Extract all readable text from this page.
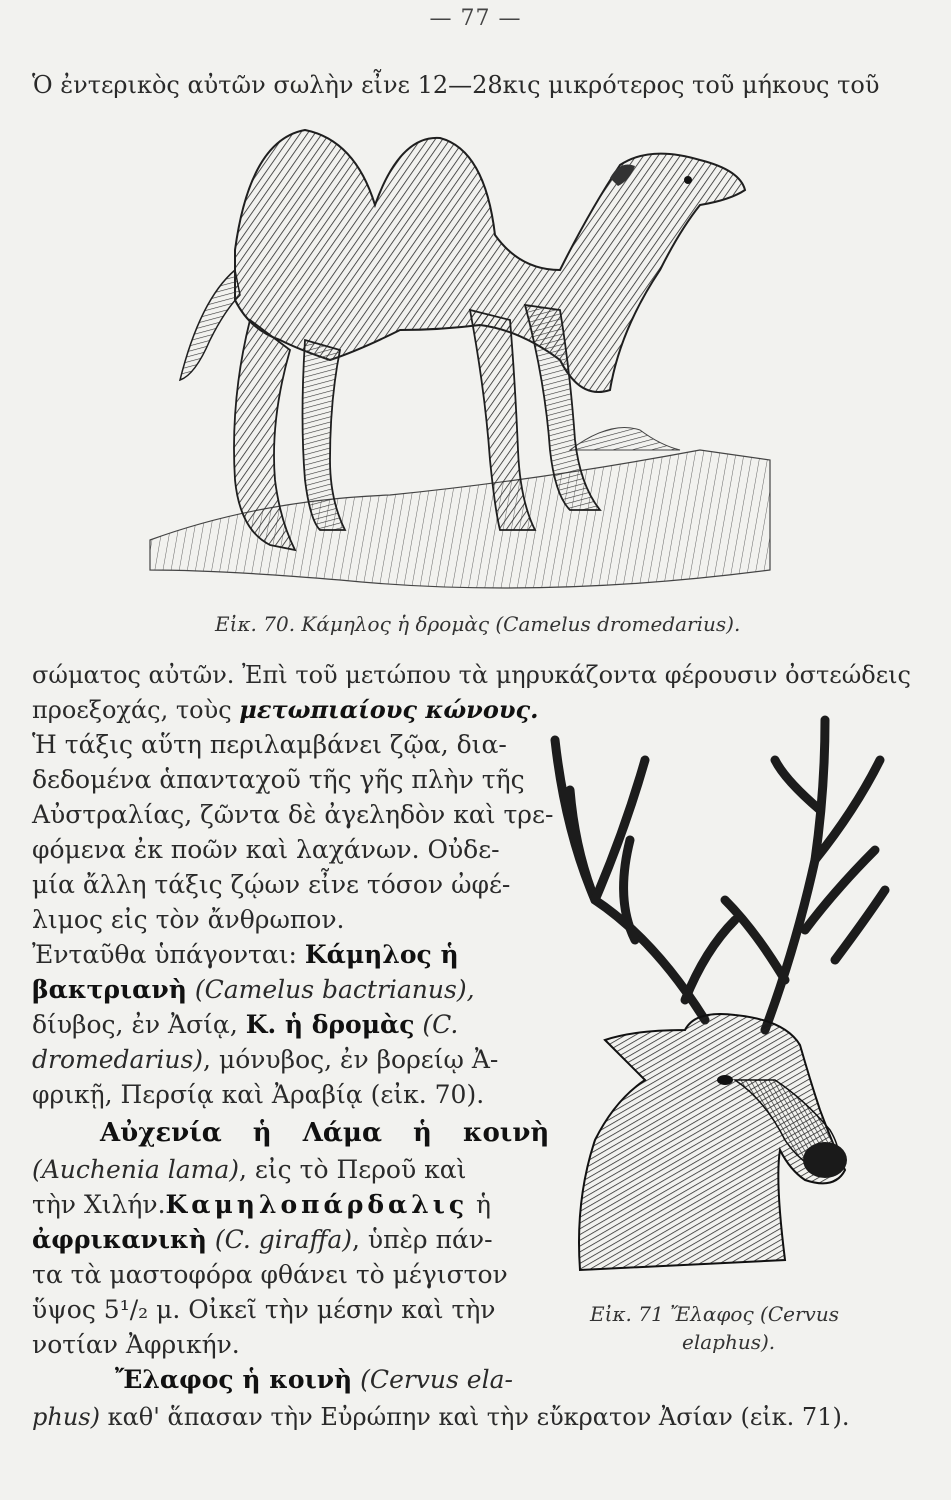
— 77 —
Ὁ ἐντερικὸς αὐτῶν σωλὴν εἶνε 12—28κις μικρότερος τοῦ μήκους τοῦ
Εἰκ. 70. Κάμηλος ἡ δρομὰς (Camelus dromedarius).
σώματος αὐτῶν. Ἐπὶ τοῦ μετώπου τὰ μηρυκάζοντα φέρουσιν ὀστεώδεις
προεξοχάς, τοὺς μετωπιαίους κώνους.
Ἡ τάξις αὕτη περιλαμβάνει ζῷα, δια-
δεδομένα ἁπανταχοῦ τῆς γῆς πλὴν τῆς
Αὐστραλίας, ζῶντα δὲ ἀγεληδὸν καὶ τρε-
φόμενα ἐκ ποῶν καὶ λαχάνων. Οὐδε-
μία ἄλλη τάξις ζῴων εἶνε τόσον ὠφέ-
λιμος εἰς τὸν ἄνθρωπον.
Ἐνταῦθα ὑπάγονται: Κάμηλος ἡ
βακτριανὴ (Camelus bactrianus),
δίυβος, ἐν Ἀσίᾳ, Κ. ἡ δρομὰς (C.
dromedarius), μόνυβος, ἐν βορείῳ Ἀ-
φρικῇ, Περσίᾳ καὶ Ἀραβίᾳ (εἰκ. 70).
Αὐχενία ἡ Λάμα ἡ κοινὴ
(Auchenia lama), εἰς τὸ Περοῦ καὶ
τὴν Χιλήν.Καμηλοπάρδαλις ἡ
ἀφρικανικὴ (C. giraffa), ὑπὲρ πάν-
τα τὰ μαστοφόρα φθάνει τὸ μέγιστον
ὕψος 5¹/₂ μ. Οἰκεῖ τὴν μέσην καὶ τὴν
νοτίαν Ἀφρικήν.
Ἔλαφος ἡ κοινὴ (Cervus ela-
phus) καθ' ἅπασαν τὴν Εὐρώπην καὶ τὴν εὔκρατον Ἀσίαν (εἰκ. 71).
Εἰκ. 71 Ἔλαφος (Cervus
elaphus).
